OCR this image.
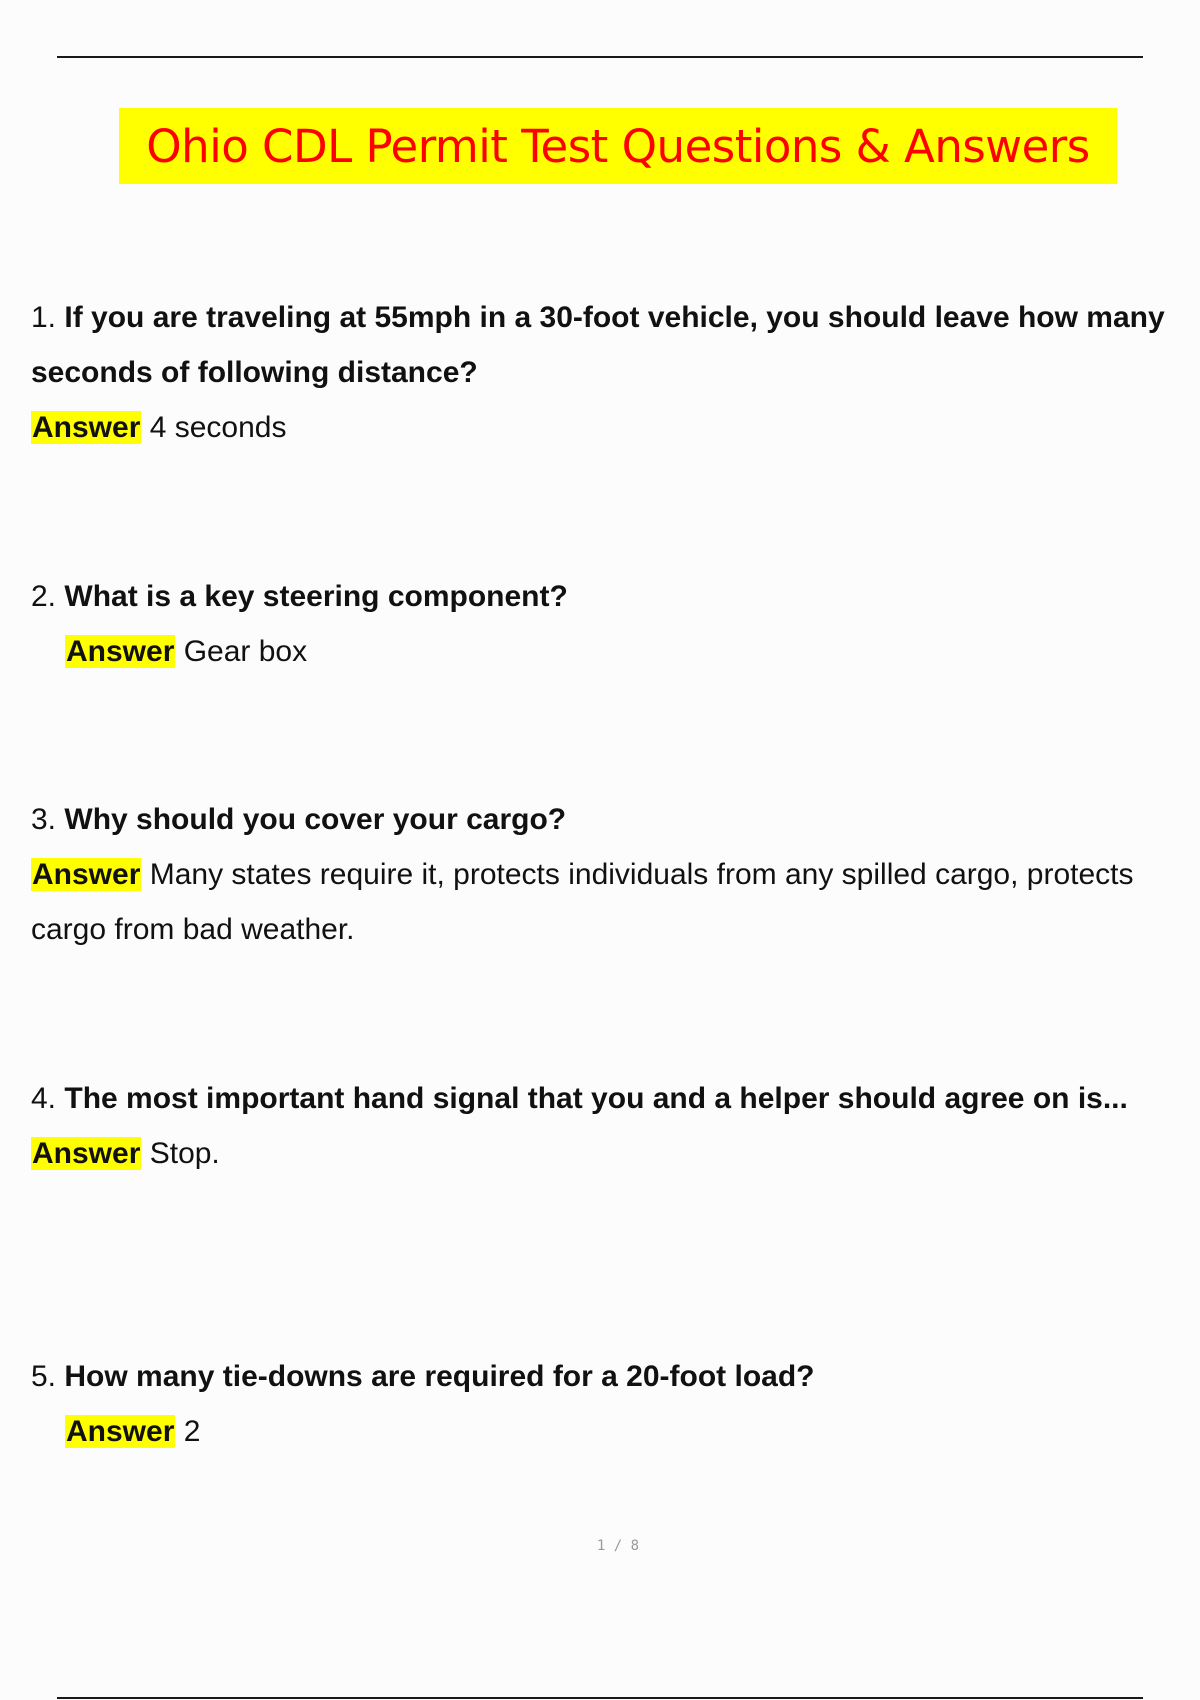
Ohio CDL Permit Test Questions & Answers
1. If you are traveling at 55mph in a 30-foot vehicle, you should leave how many seconds of following distance?
Answer 4 seconds
2. What is a key steering component?
Answer Gear box
3. Why should you cover your cargo?
Answer Many states require it, protects individuals from any spilled cargo, protects cargo from bad weather.
4. The most important hand signal that you and a helper should agree on is...
Answer Stop.
5. How many tie-downs are required for a 20-foot load?
Answer 2
1 / 8
